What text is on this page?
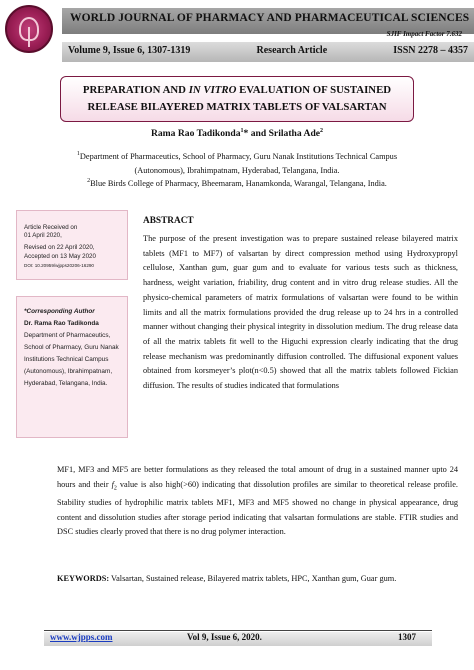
WORLD JOURNAL OF PHARMACY AND PHARMACEUTICAL SCIENCES
SJIF Impact Factor 7.632
Volume 9, Issue 6, 1307-1319	Research Article	ISSN 2278 – 4357
PREPARATION AND IN VITRO EVALUATION OF SUSTAINED RELEASE BILAYERED MATRIX TABLETS OF VALSARTAN
Rama Rao Tadikonda$^1$* and Srilatha Ade$^2$
$^1$Department of Pharmaceutics, School of Pharmacy, Guru Nanak Institutions Technical Campus (Autonomous), Ibrahimpatnam, Hyderabad, Telangana, India.
$^2$Blue Birds College of Pharmacy, Bheemaram, Hanamkonda, Warangal, Telangana, India.
Article Received on
01 April 2020,
Revised on 22 April 2020,
Accepted on 13 May 2020
DOI: 10.20959/wjpps20206-16290
*Corresponding Author
Dr. Rama Rao Tadikonda
Department of Pharmaceutics, School of Pharmacy, Guru Nanak Institutions Technical Campus (Autonomous), Ibrahimpatnam, Hyderabad, Telangana, India.
ABSTRACT
The purpose of the present investigation was to prepare sustained release bilayered matrix tablets (MF1 to MF7) of valsartan by direct compression method using Hydroxypropyl cellulose, Xanthan gum, guar gum and to evaluate for various tests such as thickness, hardness, weight variation, friability, drug content and in vitro drug release studies. All the physico-chemical parameters of matrix formulations of valsartan were found to be within limits and all the matrix formulations provided the drug release up to 24 hrs in a controlled manner without changing their physical integrity in dissolution medium. The drug release data of all the matrix tablets fit well to the Higuchi expression clearly indicating that the drug release mechanism was predominantly diffusion controlled. The diffusional exponent values obtained from korsmeyer’s plot(n<0.5) showed that all the matrix tablets followed Fickian diffusion. The results of studies indicated that formulations
MF1, MF3 and MF5 are better formulations as they released the total amount of drug in a sustained manner upto 24 hours and their $f_2$ value is also high(>60) indicating that dissolution profiles are similar to theoretical release profile. Stability studies of hydrophilic matrix tablets MF1, MF3 and MF5 showed no change in physical appearance, drug content and dissolution studies after storage period indicating that valsartan formulations are stable. FTIR studies and DSC studies clearly proved that there is no drug polymer interaction.
KEYWORDS: Valsartan, Sustained release, Bilayered matrix tablets, HPC, Xanthan gum, Guar gum.
www.wjpps.com	Vol 9, Issue 6, 2020.	1307
